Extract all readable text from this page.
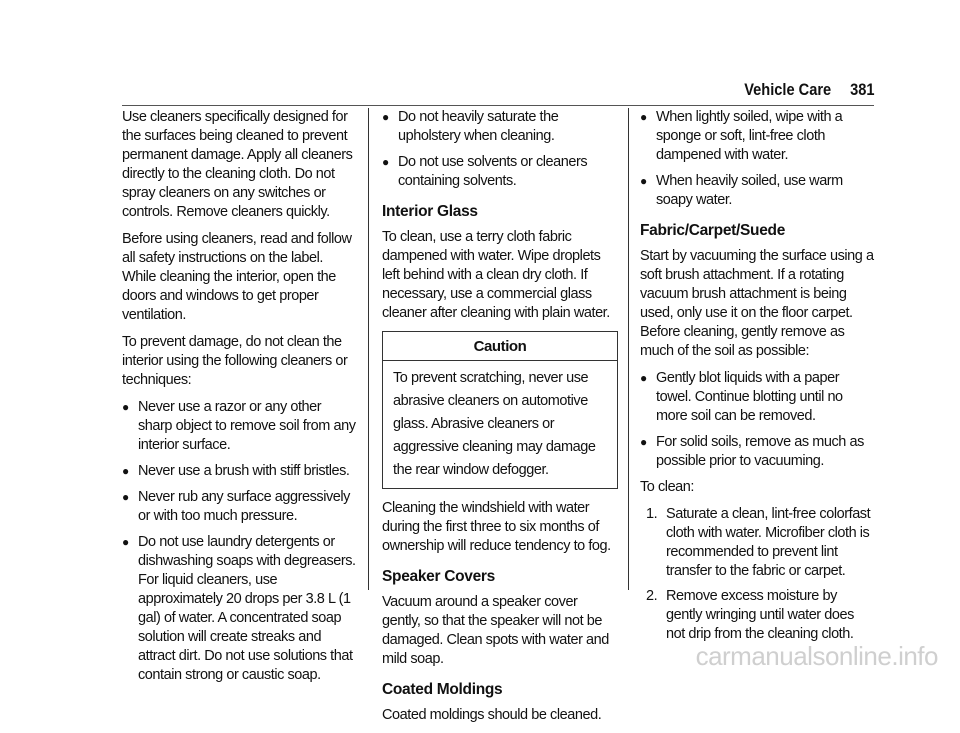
Vehicle Care 381

Use cleaners specifically designed for the surfaces being cleaned to prevent permanent damage. Apply all cleaners directly to the cleaning cloth. Do not spray cleaners on any switches or controls. Remove cleaners quickly.

Before using cleaners, read and follow all safety instructions on the label. While cleaning the interior, open the doors and windows to get proper ventilation.

To prevent damage, do not clean the interior using the following cleaners or techniques:

● Never use a razor or any other sharp object to remove soil from any interior surface.
● Never use a brush with stiff bristles.
● Never rub any surface aggressively or with too much pressure.
● Do not use laundry detergents or dishwashing soaps with degreasers. For liquid cleaners, use approximately 20 drops per 3.8 L (1 gal) of water. A concentrated soap solution will create streaks and attract dirt. Do not use solutions that contain strong or caustic soap.
● Do not heavily saturate the upholstery when cleaning.
● Do not use solvents or cleaners containing solvents.
Interior Glass

To clean, use a terry cloth fabric dampened with water. Wipe droplets left behind with a clean dry cloth. If necessary, use a commercial glass cleaner after cleaning with plain water.

Caution
To prevent scratching, never use abrasive cleaners on automotive glass. Abrasive cleaners or aggressive cleaning may damage the rear window defogger.

Cleaning the windshield with water during the first three to six months of ownership will reduce tendency to fog.

Speaker Covers

Vacuum around a speaker cover gently, so that the speaker will not be damaged. Clean spots with water and mild soap.

Coated Moldings

Coated moldings should be cleaned.

● When lightly soiled, wipe with a sponge or soft, lint-free cloth dampened with water.
● When heavily soiled, use warm soapy water.
Fabric/Carpet/Suede

Start by vacuuming the surface using a soft brush attachment. If a rotating vacuum brush attachment is being used, only use it on the floor carpet. Before cleaning, gently remove as much of the soil as possible:

● Gently blot liquids with a paper towel. Continue blotting until no more soil can be removed.
● For solid soils, remove as much as possible prior to vacuuming.

To clean:

1. Saturate a clean, lint-free colorfast cloth with water. Microfiber cloth is recommended to prevent lint transfer to the fabric or carpet.
2. Remove excess moisture by gently wringing until water does not drip from the cleaning cloth.
carmanualsonline.info
